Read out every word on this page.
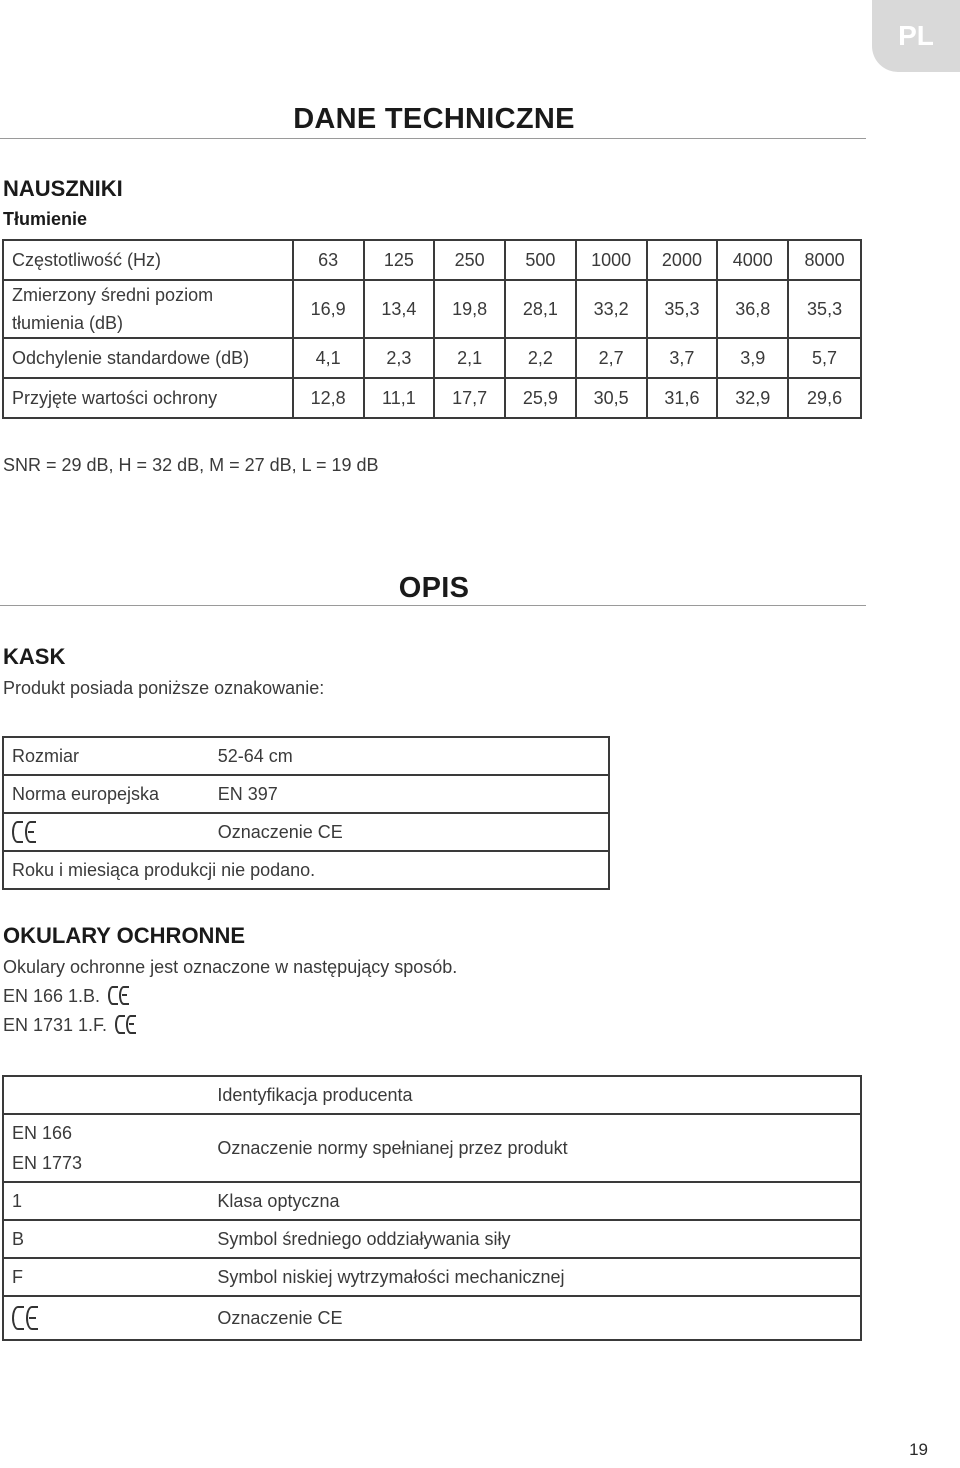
PL
DANE TECHNICZNE
NAUSZNIKI
Tłumienie
Częstotliwość (Hz)	63	125	250	500	1000	2000	4000	8000

Zmierzony średni poziom
tłumienia (dB)	16,9	13,4	19,8	28,1	33,2	35,3	36,8	35,3

Odchylenie standardowe (dB)	4,1	2,3	2,1	2,2	2,7	3,7	3,9	5,7

Przyjęte wartości ochrony	12,8	11,1	17,7	25,9	30,5	31,6	32,9	29,6
SNR = 29 dB, H = 32 dB, M = 27 dB, L = 19 dB
OPIS
KASK
Produkt posiada poniższe oznakowanie:
Rozmiar	52-64 cm
Norma europejska	EN 397

	Oznaczenie CE
Roku i miesiąca produkcji nie podano.	
OKULARY OCHRONNE
Okulary ochronne jest oznaczone w następujący sposób.
EN 166 1.B.
EN 1731 1.F.
	Identyfikacja producenta

EN 166
EN 1773	Oznaczenie normy spełnianej przez produkt
1	Klasa optyczna
B	Symbol średniego oddziaływania siły
F	Symbol niskiej wytrzymałości mechanicznej

	Oznaczenie CE
19
